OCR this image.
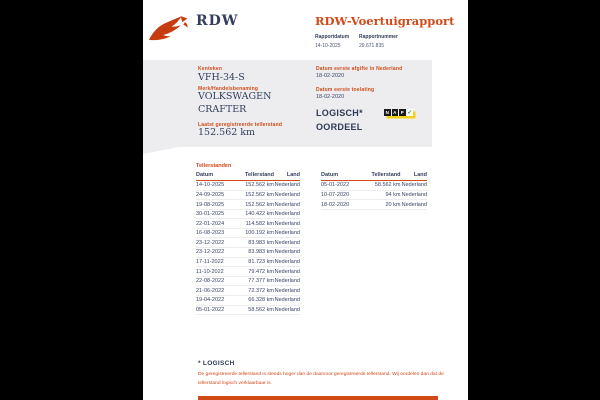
RDW	RDW-Voertuigrapport
Rapportdatum
14-10-2025
Rapportnummer
29.671.835
Kenteken
VFH-34-S
Merk/Handelsbenaming
VOLKSWAGEN CRAFTER
Laatst geregistreerde tellerstand
152.562 km
Datum eerste afgifte in Nederland
18-02-2020
Datum eerste toelating
18-02-2020
LOGISCH* OORDEEL
N A P ✓
Tellerstanden
Datum	Tellerstand	Land
14-10-2025	152.562 km	Nederland
24-09-2025	152.562 km	Nederland
19-08-2025	152.562 km	Nederland
30-01-2025	140.422 km	Nederland
22-01-2024	114.582 km	Nederland
16-08-2023	100.192 km	Nederland
23-12-2022	83.983 km	Nederland
23-12-2022	83.983 km	Nederland
17-11-2022	81.723 km	Nederland
11-10-2022	79.472 km	Nederland
22-08-2022	77.377 km	Nederland
21-06-2022	72.372 km	Nederland
19-04-2022	66.328 km	Nederland
05-01-2022	58.562 km	Nederland
Datum	Tellerstand	Land
05-01-2022	58.562 km	Nederland
10-07-2020	94 km	Nederland
18-02-2020	20 km	Nederland
* LOGISCH
De geregistreerde tellerstand is steeds hoger dan de daarvoor geregistreerde tellerstand. Wij oordelen dan dat de tellerstand logisch verklaarbaar is.
